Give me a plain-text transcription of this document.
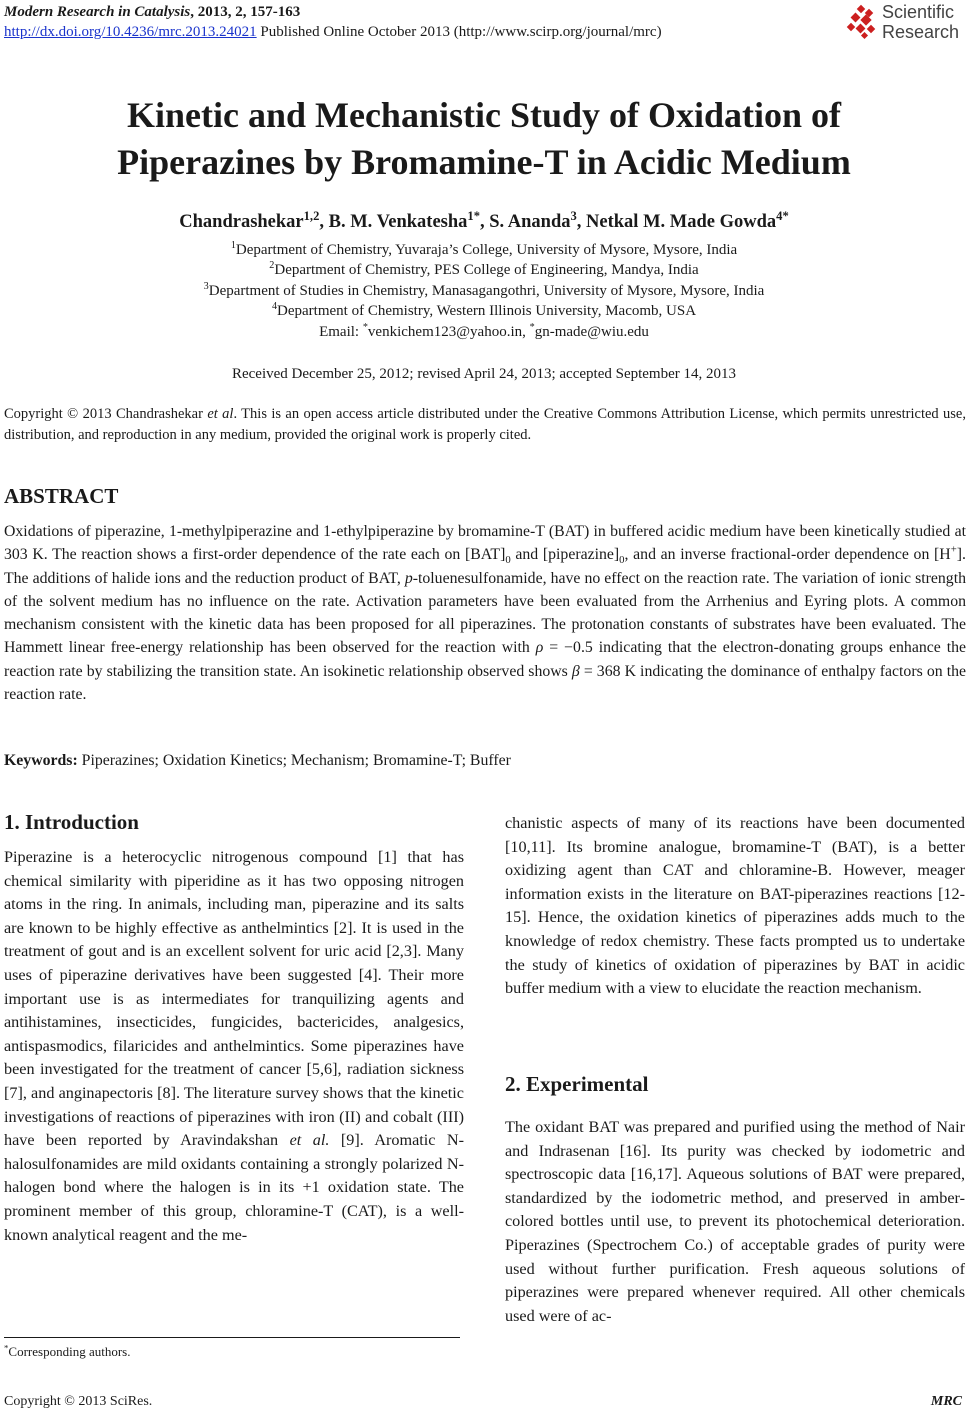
Modern Research in Catalysis, 2013, 2, 157-163
http://dx.doi.org/10.4236/mrc.2013.24021 Published Online October 2013 (http://www.scirp.org/journal/mrc)
Scientific
Research
Kinetic and Mechanistic Study of Oxidation of
Piperazines by Bromamine-T in Acidic Medium
Chandrashekar$^{1,2}$, B. M. Venkatesha$^{1*}$, S. Ananda$^3$, Netkal M. Made Gowda$^{4*}$
$^1$Department of Chemistry, Yuvaraja’s College, University of Mysore, Mysore, India
$^2$Department of Chemistry, PES College of Engineering, Mandya, India
$^3$Department of Studies in Chemistry, Manasagangothri, University of Mysore, Mysore, India
$^4$Department of Chemistry, Western Illinois University, Macomb, USA
Email: *venkichem123@yahoo.in, *gn-made@wiu.edu
Received December 25, 2012; revised April 24, 2013; accepted September 14, 2013
Copyright © 2013 Chandrashekar et al. This is an open access article distributed under the Creative Commons Attribution License, which permits unrestricted use, distribution, and reproduction in any medium, provided the original work is properly cited.
ABSTRACT
Oxidations of piperazine, 1-methylpiperazine and 1-ethylpiperazine by bromamine-T (BAT) in buffered acidic medium have been kinetically studied at 303 K. The reaction shows a first-order dependence of the rate each on $[BAT]_0$ and $[piperazine]_0$, and an inverse fractional-order dependence on [H+]. The additions of halide ions and the reduction product of BAT, p-toluenesulfonamide, have no effect on the reaction rate. The variation of ionic strength of the solvent medium has no influence on the rate. Activation parameters have been evaluated from the Arrhenius and Eyring plots. A common mechanism consistent with the kinetic data has been proposed for all piperazines. The protonation constants of substrates have been evaluated. The Hammett linear free-energy relationship has been observed for the reaction with ρ = −0.5 indicating that the electron-donating groups enhance the reaction rate by stabilizing the transition state. An isokinetic relationship observed shows β = 368 K indicating the dominance of enthalpy factors on the reaction rate.
Keywords: Piperazines; Oxidation Kinetics; Mechanism; Bromamine-T; Buffer
1. Introduction

Piperazine is a heterocyclic nitrogenous compound [1] that has chemical similarity with piperidine as it has two opposing nitrogen atoms in the ring. In animals, including man, piperazine and its salts are known to be highly effective as anthelmintics [2]. It is used in the treatment of gout and is an excellent solvent for uric acid [2,3]. Many uses of piperazine derivatives have been suggested [4]. Their more important use is as intermediates for tranquilizing agents and antihistamines, insecticides, fungicides, bactericides, analgesics, antispasmodics, filaricides and anthelmintics. Some piperazines have been investigated for the treatment of cancer [5,6], radiation sickness [7], and anginapectoris [8]. The literature survey shows that the kinetic investigations of reactions of piperazines with iron (II) and cobalt (III) have been reported by Aravindakshan et al. [9]. Aromatic N-halosulfonamides are mild oxidants containing a strongly polarized N-halogen bond where the halogen is in its +1 oxidation state. The prominent member of this group, chloramine-T (CAT), is a well-known analytical reagent and the me-

chanistic aspects of many of its reactions have been documented [10,11]. Its bromine analogue, bromamine-T (BAT), is a better oxidizing agent than CAT and chloramine-B. However, meager information exists in the literature on BAT-piperazines reactions [12-15]. Hence, the oxidation kinetics of piperazines adds much to the knowledge of redox chemistry. These facts prompted us to undertake the study of kinetics of oxidation of piperazines by BAT in acidic buffer medium with a view to elucidate the reaction mechanism.

2. Experimental

The oxidant BAT was prepared and purified using the method of Nair and Indrasenan [16]. Its purity was checked by iodometric and spectroscopic data [16,17]. Aqueous solutions of BAT were prepared, standardized by the iodometric method, and preserved in amber-colored bottles until use, to prevent its photochemical deterioration. Piperazines (Spectrochem Co.) of acceptable grades of purity were used without further purification. Fresh aqueous solutions of piperazines were prepared whenever required. All other chemicals used were of ac-

*Corresponding authors.
Copyright © 2013 SciRes.	MRC
